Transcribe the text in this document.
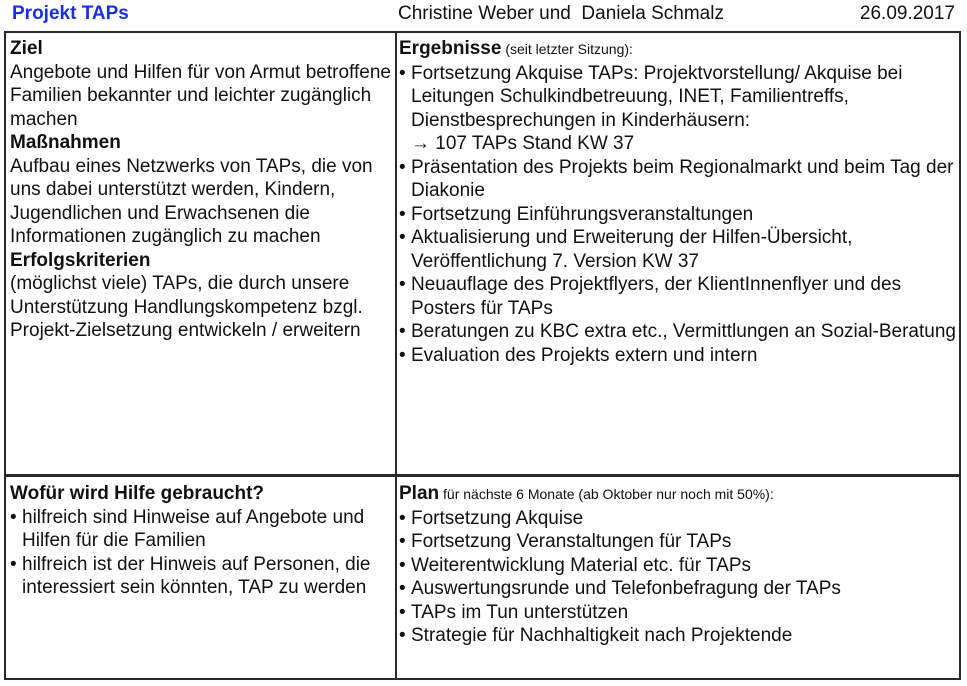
Projekt TAPs	Christine Weber und  Daniela Schmalz	26.09.2017
Ziel
Angebote und Hilfen für von Armut betroffene Familien bekannter und leichter zugänglich machen
Maßnahmen
Aufbau eines Netzwerks von TAPs, die von uns dabei unterstützt werden, Kindern, Jugendlichen und Erwachsenen die Informationen zugänglich zu machen
Erfolgskriterien
(möglichst viele) TAPs, die durch unsere Unterstützung Handlungskompetenz bzgl. Projekt-Zielsetzung entwickeln / erweitern
Ergebnisse (seit letzter Sitzung):
• Fortsetzung Akquise TAPs: Projektvorstellung/ Akquise bei Leitungen Schulkindbetreuung, INET, Familientreffs, Dienstbesprechungen in Kinderhäusern:
→ 107 TAPs Stand KW 37
• Präsentation des Projekts beim Regionalmarkt und beim Tag der Diakonie
• Fortsetzung Einführungsveranstaltungen
• Aktualisierung und Erweiterung der Hilfen-Übersicht, Veröffentlichung 7. Version KW 37
• Neuauflage des Projektflyers, der KlientInnenflyer und des Posters für TAPs
• Beratungen zu KBC extra etc., Vermittlungen an Sozial-Beratung
• Evaluation des Projekts extern und intern
Wofür wird Hilfe gebraucht?
• hilfreich sind Hinweise auf Angebote und Hilfen für die Familien
• hilfreich ist der Hinweis auf Personen, die interessiert sein könnten, TAP zu werden
Plan für nächste 6 Monate (ab Oktober nur noch mit 50%):
• Fortsetzung Akquise
• Fortsetzung Veranstaltungen für TAPs
• Weiterentwicklung Material etc. für TAPs
• Auswertungsrunde und Telefonbefragung der TAPs
• TAPs im Tun unterstützen
• Strategie für Nachhaltigkeit nach Projektende
